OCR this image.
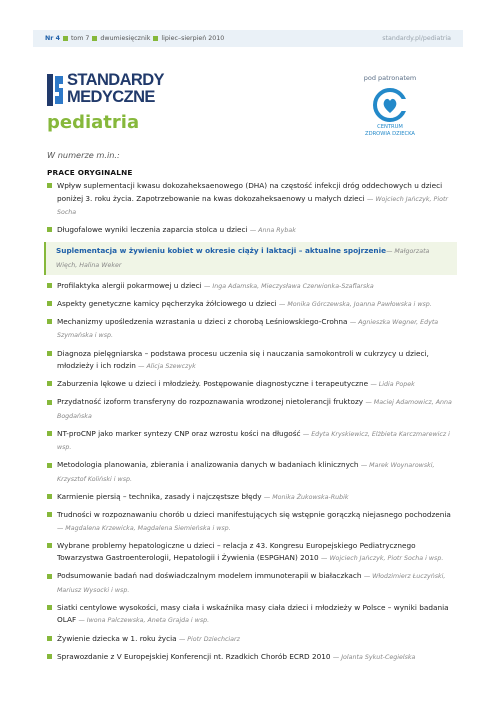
Nr 4 tom 7 dwumiesięcznik lipiec–sierpień 2010	standardy.pl/pediatria
STANDARDY
MEDYCZNE
pediatria
pod patronatem
CENTRUM
ZDROWIA DZIECKA
W numerze m.in.:
PRACE ORYGINALNE
Wpływ suplementacji kwasu dokozaheksaenowego (DHA) na częstość infekcji dróg oddechowych u dzieci poniżej 3. roku życia. Zapotrzebowanie na kwas dokozaheksaenowy u małych dzieci — Wojciech Jańczyk, Piotr Socha
Długofalowe wyniki leczenia zaparcia stolca u dzieci — Anna Rybak
Suplementacja w żywieniu kobiet w okresie ciąży i laktacji – aktualne spojrzenie— Małgorzata Więch, Halina Weker
Profilaktyka alergii pokarmowej u dzieci — Inga Adamska, Mieczysława Czerwionka-Szaflarska
Aspekty genetyczne kamicy pęcherzyka żółciowego u dzieci — Monika Górczewska, Joanna Pawłowska i wsp.
Mechanizmy upośledzenia wzrastania u dzieci z chorobą Leśniowskiego-Crohna — Agnieszka Wegner, Edyta Szymańska i wsp.
Diagnoza pielęgniarska – podstawa procesu uczenia się i nauczania samokontroli w cukrzycy u dzieci, młodzieży i ich rodzin — Alicja Szewczyk
Zaburzenia lękowe u dzieci i młodzieży. Postępowanie diagnostyczne i terapeutyczne — Lidia Popek
Przydatność izoform transferyny do rozpoznawania wrodzonej nietolerancji fruktozy — Maciej Adamowicz, Anna Bogdańska
NT-proCNP jako marker syntezy CNP oraz wzrostu kości na długość — Edyta Kryskiewicz, Elżbieta Karczmarewicz i wsp.
Metodologia planowania, zbierania i analizowania danych w badaniach klinicznych — Marek Woynarowski, Krzysztof Koliński i wsp.
Karmienie piersią – technika, zasady i najczęstsze błędy — Monika Żukowska-Rubik
Trudności w rozpoznawaniu chorób u dzieci manifestujących się wstępnie gorączką niejasnego pochodzenia — Magdalena Krzewicka, Magdalena Siemieńska i wsp.
Wybrane problemy hepatologiczne u dzieci – relacja z 43. Kongresu Europejskiego Pediatrycznego Towarzystwa Gastroenterologii, Hepatologii i Żywienia (ESPGHAN) 2010 — Wojciech Jańczyk, Piotr Socha i wsp.
Podsumowanie badań nad doświadczalnym modelem immunoterapii w białaczkach — Włodzimierz Łuczyński, Mariusz Wysocki i wsp.
Siatki centylowe wysokości, masy ciała i wskaźnika masy ciała dzieci i młodzieży w Polsce – wyniki badania OLAF — Iwona Palczewska, Aneta Grajda i wsp.
Żywienie dziecka w 1. roku życia — Piotr Dziechciarz
Sprawozdanie z V Europejskiej Konferencji nt. Rzadkich Chorób ECRD 2010 — Jolanta Sykut-Cegielska
